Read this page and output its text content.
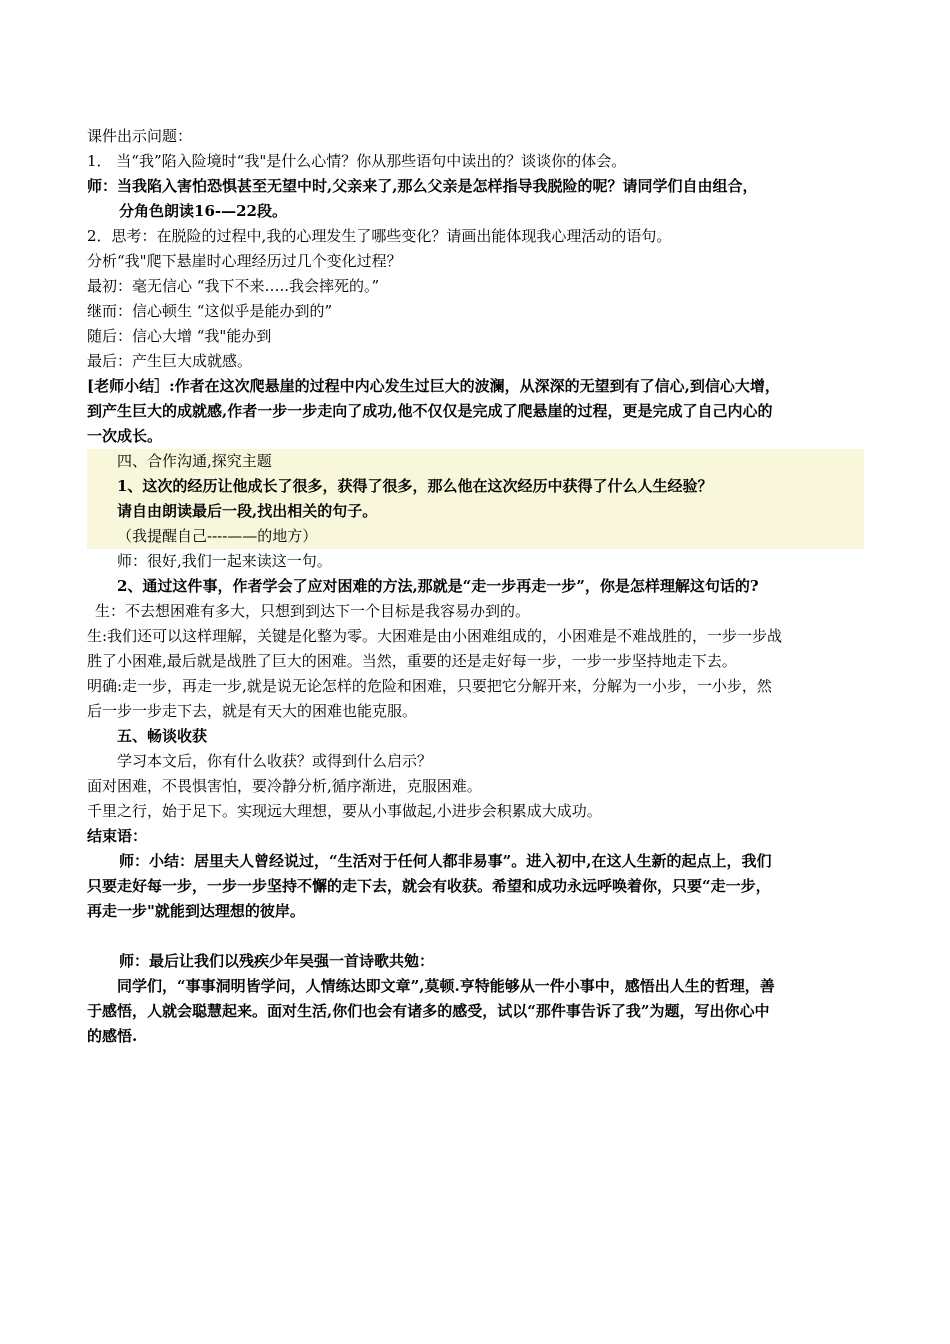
课件出示问题：

1． 当“我”陷入险境时“我"是什么心情？你从那些语句中读出的？谈谈你的体会。

师：当我陷入害怕恐惧甚至无望中时,父亲来了,那么父亲是怎样指导我脱险的呢？请同学们自由组合，

分角色朗读16-—22段。

2．思考：在脱险的过程中,我的心理发生了哪些变化？请画出能体现我心理活动的语句。

分析“我"爬下悬崖时心理经历过几个变化过程？

最初：毫无信心 “我下不来…..我会摔死的。”

继而：信心顿生 “这似乎是能办到的”

随后：信心大增 “我"能办到

最后：产生巨大成就感。

[老师小结］:作者在这次爬悬崖的过程中内心发生过巨大的波澜，从深深的无望到有了信心,到信心大增，

到产生巨大的成就感,作者一步一步走向了成功,他不仅仅是完成了爬悬崖的过程，更是完成了自己内心的

一次成长。

四、合作沟通,探究主题

1、这次的经历让他成长了很多，获得了很多，那么他在这次经历中获得了什么人生经验？

请自由朗读最后一段,找出相关的句子。

（我提醒自己----——的地方）

师：很好,我们一起来读这一句。

2、通过这件事，作者学会了应对困难的方法,那就是“走一步再走一步”，你是怎样理解这句话的?

生：不去想困难有多大，只想到到达下一个目标是我容易办到的。

生:我们还可以这样理解，关键是化整为零。大困难是由小困难组成的，小困难是不难战胜的，一步一步战

胜了小困难,最后就是战胜了巨大的困难。当然，重要的还是走好每一步，一步一步坚持地走下去。

明确:走一步，再走一步,就是说无论怎样的危险和困难，只要把它分解开来，分解为一小步，一小步，然

后一步一步走下去，就是有天大的困难也能克服。

五、畅谈收获

学习本文后，你有什么收获？或得到什么启示？

面对困难，不畏惧害怕，要冷静分析,循序渐进，克服困难。

千里之行，始于足下。实现远大理想，要从小事做起,小进步会积累成大成功。

结束语：

师：小结：居里夫人曾经说过，“生活对于任何人都非易事”。进入初中,在这人生新的起点上，我们

只要走好每一步，一步一步坚持不懈的走下去，就会有收获。希望和成功永远呼唤着你，只要“走一步，

再走一步"就能到达理想的彼岸。

师：最后让我们以残疾少年吴强一首诗歌共勉：

同学们，“事事洞明皆学问，人情练达即文章”,莫顿.亨特能够从一件小事中，感悟出人生的哲理，善

于感悟，人就会聪慧起来。面对生活,你们也会有诸多的感受，试以“那件事告诉了我”为题，写出你心中

的感悟.
